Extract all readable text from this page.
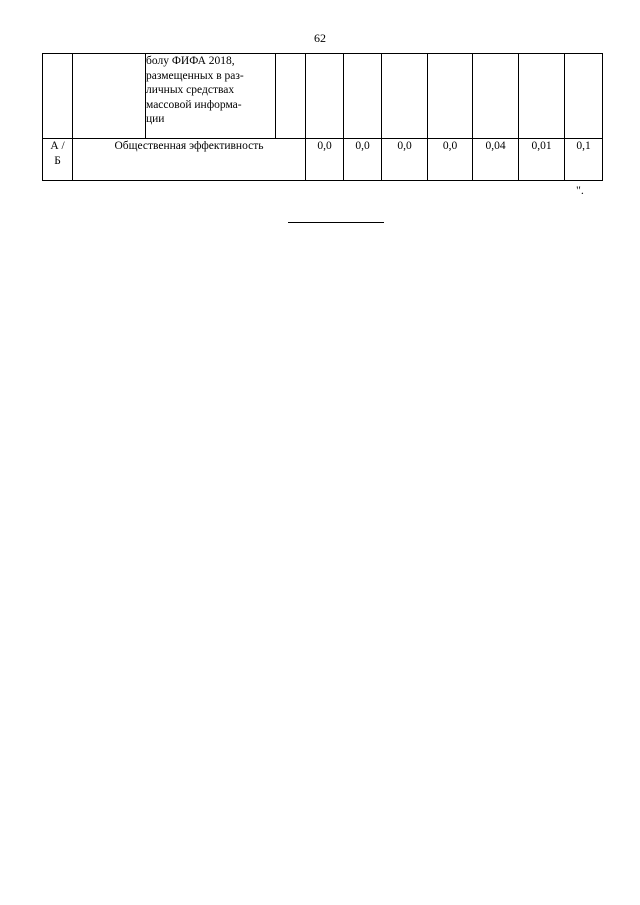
62

		болу ФИФА 2018,
размещенных в раз-
личных средствах
массовой информа-
ции								

А /
Б	Общественная эффективность			0,0	0,0	0,0	0,0	0,04	0,01	0,1
".
